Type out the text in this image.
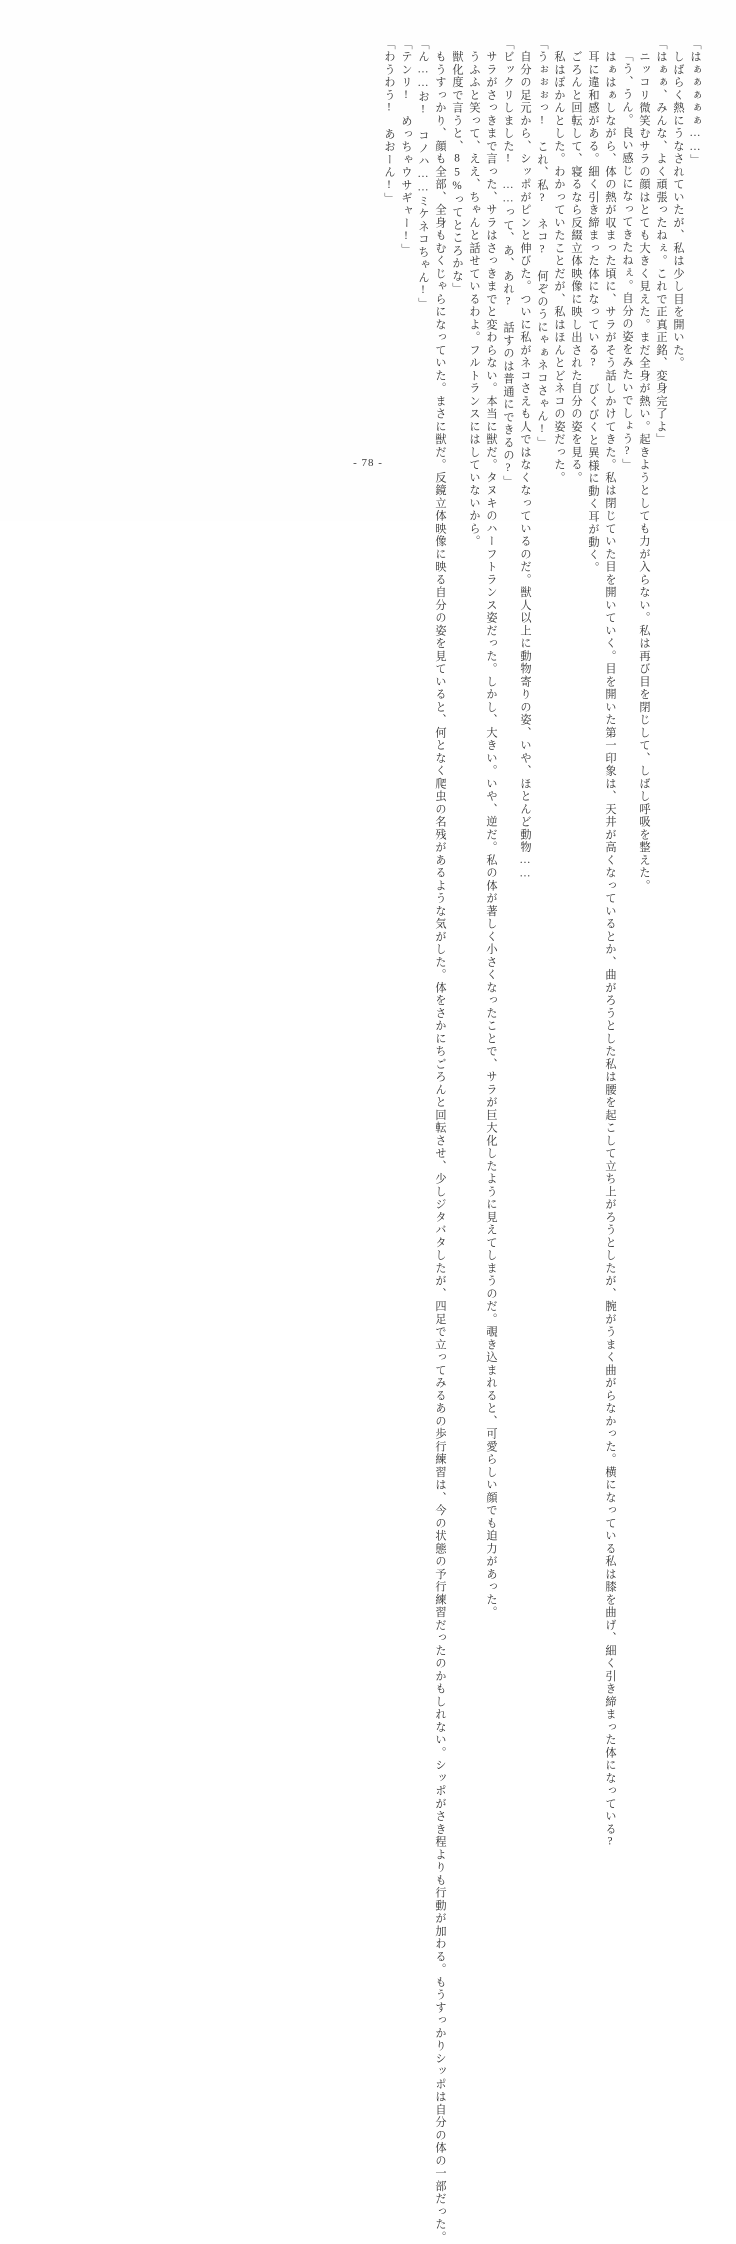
「はぁぁぁぁぁ……」
　しばらく熱にうなされていたが、私は少し目を開いた。
「はぁぁ、みんな、よく頑張ったねぇ。これで正真正銘、変身完了よ」
　ニッコリ微笑むサラの顔はとても大きく見えた。まだ全身が熱い。起きようとしても力が入らない。私は再び目を閉じして、しばし呼吸を整えた。
「う、うん。良い感じになってきたねぇ。自分の姿をみたいでしょう?」
　はぁはぁしながら、体の熱が収まった頃に、サラがそう話しかけてきた。私は閉じていた目を開いていく。目を開いた第一印象は、天井が高くなっているとか、曲がろうとした私は腰を起こして立ち上がろうとしたが、腕がうまく曲がらなかった。横になっている私は膝を曲げ、細く引き締まった体になっている?
　耳に違和感がある。細く引き締まった体になっている?　びくびくと異様に動く耳が動く。
　ごろんと回転して、寝るなら反綴立体映像に映し出された自分の姿を見る。
　私はぽかんとした。わかっていたことだが、私はほんとどネコの姿だった。
「うぉぉぉっ!　これ、私?　ネコ?　何ぞのうにゃぁネコさゃん!」
　自分の足元から、シッポがピンと伸びた。ついに私がネコさえも人ではなくなっているのだ。獣人以上に動物寄りの姿、いや、ほとんど動物……
「ビックリしました!　……って、あ、あれ?　話すのは普通にできるの?」
　サラがさっきまで言った、サラはさっきまでと変わらない。本当に獣だ。タヌキのハーフトランス姿だった。しかし、大きい。いや、逆だ。私の体が著しく小さくなったことで、サラが巨大化したように見えてしまうのだ。覗き込まれると、可愛らしい顔でも迫力があった。
　うふふと笑って、ええ、ちゃんと話せているわよ。フルトランスにはしていないから。
　獣化度で言うと、85%ってところかな」
　もうすっかり、顔も全部、全身もむくじゃらになっていた。まさに獣だ。反鏡立体映像に映る自分の姿を見ていると、何となく爬虫の名残があるような気がした。体をさかにちごろんと回転させ、少しジタバタしたが、四足で立ってみるあの歩行練習は、今の状態の予行練習だったのかもしれない。シッポがさき程よりも行動が加わる。もうすっかりシッポは自分の体の一部だった。
「ん……お!　コノハ……ミケネコちゃん!」
「テンリ!　めっちゃウサギャー!」
「わうわう!　あおーん!」
- 78 -
